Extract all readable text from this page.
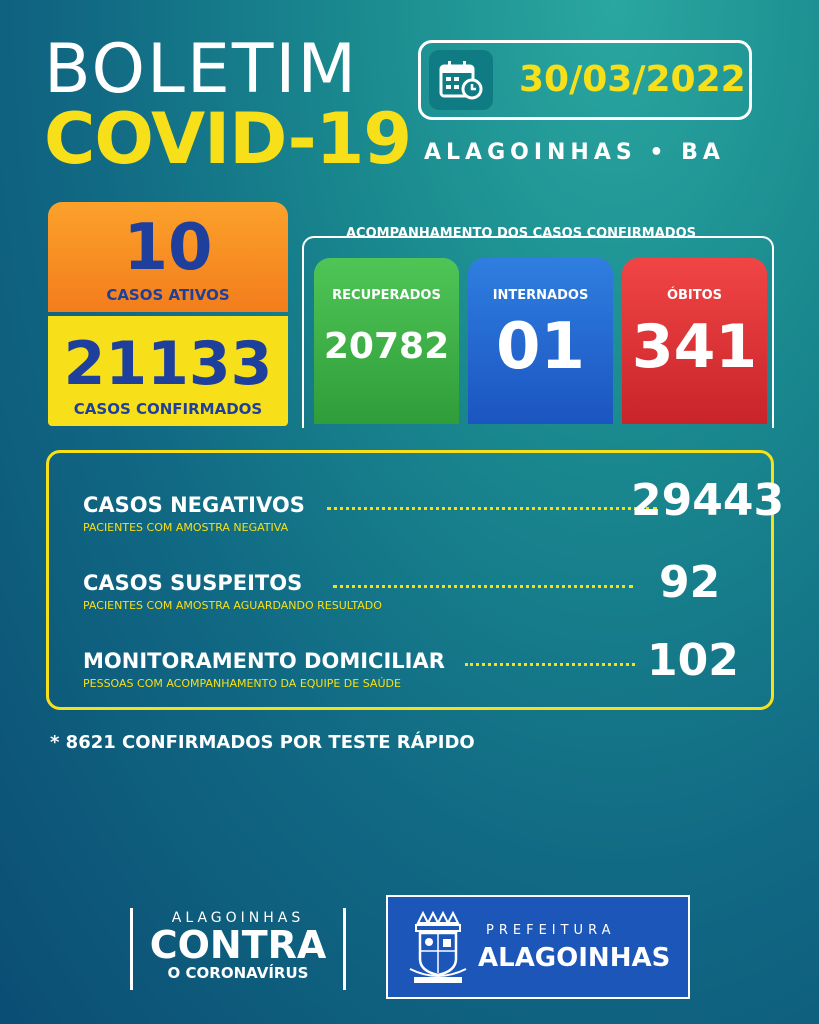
BOLETIM
COVID-19
30/03/2022
ALAGOINHAS • BA
10
CASOS ATIVOS
21133
CASOS CONFIRMADOS
ACOMPANHAMENTO DOS CASOS CONFIRMADOS
RECUPERADOS
20782
INTERNADOS
01
ÓBITOS
341
CASOS NEGATIVOS
PACIENTES COM AMOSTRA NEGATIVA
29443
CASOS SUSPEITOS
PACIENTES COM AMOSTRA AGUARDANDO RESULTADO	92
MONITORAMENTO DOMICILIAR
PESSOAS COM ACOMPANHAMENTO DA EQUIPE DE SAÚDE	102
* 8621 CONFIRMADOS POR TESTE RÁPIDO
ALAGOINHAS
CONTRA
O CORONAVÍRUS
PREFEITURA
ALAGOINHAS
